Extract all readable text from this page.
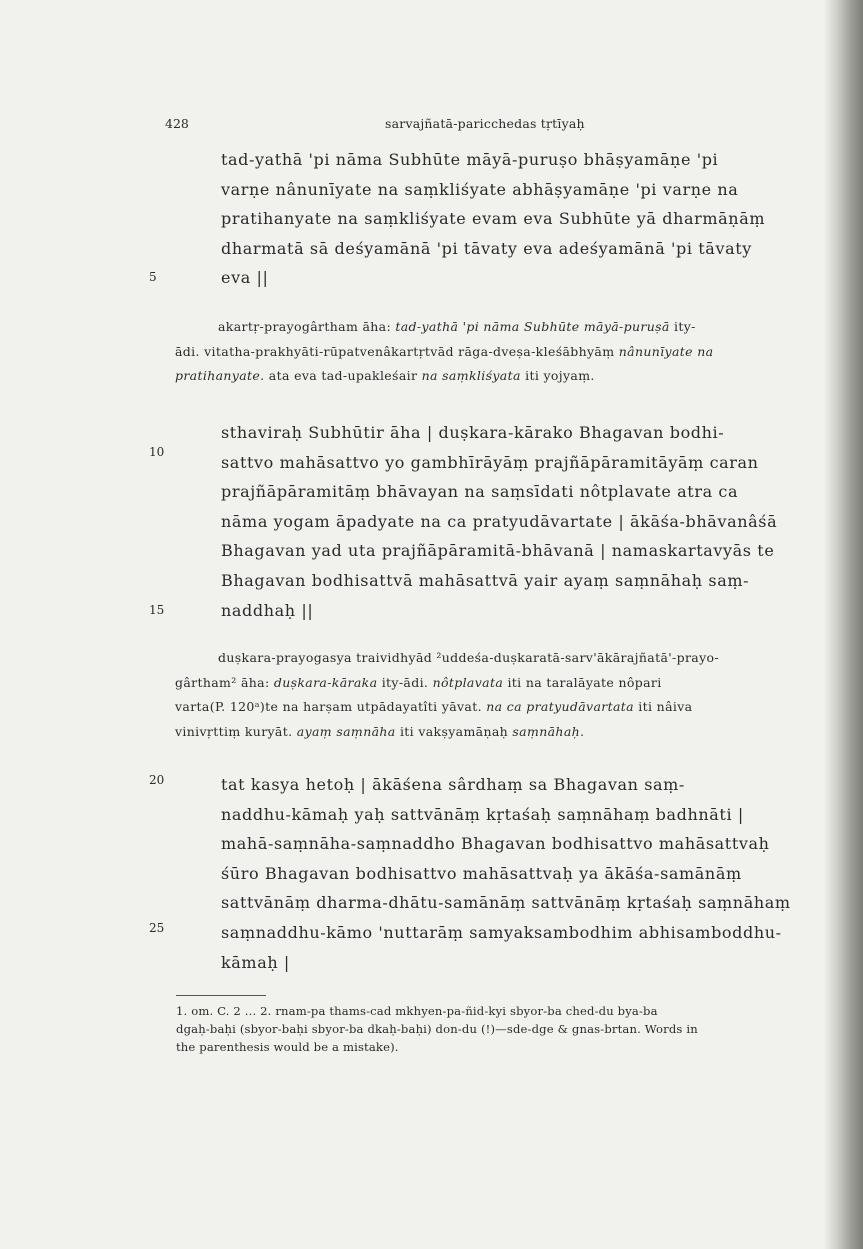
428	sarvajñatā-paricchedas tṛtīyaḥ
tad-yathā 'pi nāma Subhūte māyā-puruṣo bhāṣyamāṇe 'pi
varṇe nânunīyate na saṃkliśyate abhāṣyamāṇe 'pi varṇe na
pratihanyate na saṃkliśyate evam eva Subhūte yā dharmāṇāṃ
dharmatā sā deśyamānā 'pi tāvaty eva adeśyamānā 'pi tāvaty
eva ||
akartṛ-prayogârtham āha: tad-yathā 'pi nāma Subhūte māyā-puruṣā ity-
ādi. vitatha-prakhyāti-rūpatvenâkartṛtvād rāga-dveṣa-kleśābhyāṃ nânunīyate na
pratihanyate. ata eva tad-upakleśair na saṃkliśyata iti yojyaṃ.
sthaviraḥ Subhūtir āha | duṣkara-kārako Bhagavan bodhi-
sattvo mahāsattvo yo gambhīrāyāṃ prajñāpāramitāyāṃ caran
prajñāpāramitāṃ bhāvayan na saṃsīdati nôtplavate atra ca
nāma yogam āpadyate na ca pratyudāvartate | ākāśa-bhāvanâśā
Bhagavan yad uta prajñāpāramitā-bhāvanā | namaskartavyās te
Bhagavan bodhisattvā mahāsattvā yair ayaṃ saṃnāhaḥ saṃ-
naddhaḥ ||
duṣkara-prayogasya traividhyād ²uddeśa-duṣkaratā-sarv'ākārajñatā'-prayo-
gârtham² āha: duṣkara-kāraka ity-ādi. nôtplavata iti na taralāyate nôpari
varta(P. 120ᵃ)te na harṣam utpādayatîti yāvat. na ca pratyudāvartata iti nâiva
vinivṛttiṃ kuryāt. ayaṃ saṃnāha iti vakṣyamāṇaḥ saṃnāhaḥ.
tat kasya hetoḥ | ākāśena sârdhaṃ sa Bhagavan saṃ-
naddhu-kāmaḥ yaḥ sattvānāṃ kṛtaśaḥ saṃnāhaṃ badhnāti |
mahā-saṃnāha-saṃnaddho Bhagavan bodhisattvo mahāsattvaḥ
śūro Bhagavan bodhisattvo mahāsattvaḥ ya ākāśa-samānāṃ
sattvānāṃ dharma-dhātu-samānāṃ sattvānāṃ kṛtaśaḥ saṃnāhaṃ
saṃnaddhu-kāmo 'nuttarāṃ samyaksambodhim abhisamboddhu-
kāmaḥ |
5
10
15
20
25
1. om. C. 2 ... 2. rnam-pa thams-cad mkhyen-pa-ñid-kyi sbyor-ba ched-du bya-ba
dgaḥ-baḥi (sbyor-baḥi sbyor-ba dkaḥ-baḥi) don-du (!)—sde-dge & gnas-brtan. Words in
the parenthesis would be a mistake).
